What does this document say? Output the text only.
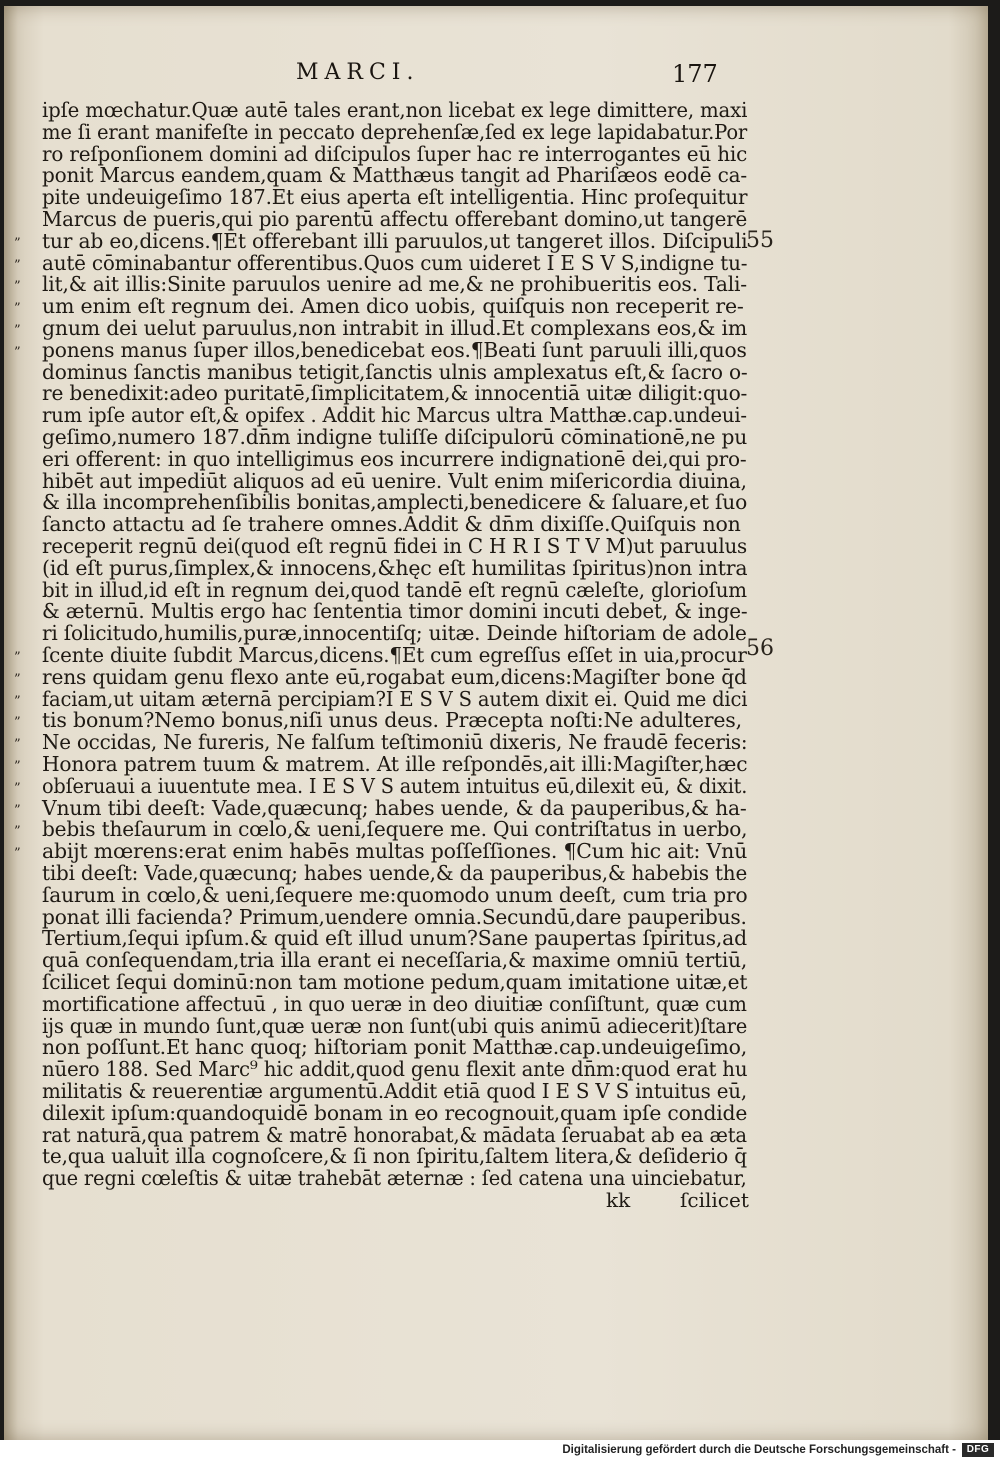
MARCI.	177
ipſe mœchatur.Quæ autē tales erant,non licebat ex lege dimittere, maxi
me ſi erant manifeſte in peccato deprehenſæ,ſed ex lege lapidabatur.Por
ro reſponſionem domini ad diſcipulos ſuper hac re interrogantes eū hic
ponit Marcus eandem,quam & Matthæus tangit ad Phariſæos eodē ca-
pite undeuigeſimo 187.Et eius aperta eſt intelligentia. Hinc proſequitur
Marcus de pueris,qui pio parentū affectu offerebant domino,ut tangerē
tur ab eo,dicens.¶Et offerebant illi paruulos,ut tangeret illos. Diſcipuli
autē cōminabantur offerentibus.Quos cum uideret I E S V S,indigne tu-
lit,& ait illis:Sinite paruulos uenire ad me,& ne prohibueritis eos. Tali-
um enim eſt regnum dei. Amen dico uobis, quiſquis non receperit re-
gnum dei uelut paruulus,non intrabit in illud.Et complexans eos,& im
ponens manus ſuper illos,benedicebat eos.¶Beati ſunt paruuli illi,quos
dominus ſanctis manibus tetigit,ſanctis ulnis amplexatus eſt,& ſacro o-
re benedixit:adeo puritatē,ſimplicitatem,& innocentiā uitæ diligit:quo-
rum ipſe autor eſt,& opifex . Addit hic Marcus ultra Matthæ.cap.undeui-
geſimo,numero 187.dn̄m indigne tuliſſe diſcipulorū cōminationē,ne pu
eri offerent: in quo intelligimus eos incurrere indignationē dei,qui pro-
hibēt aut impediūt aliquos ad eū uenire. Vult enim miſericordia diuina,
& illa incomprehenſibilis bonitas,amplecti,benedicere & ſaluare,et ſuo
ſancto attactu ad ſe trahere omnes.Addit & dn̄m dixiſſe.Quiſquis non
receperit regnū dei(quod eſt regnū fidei in C H R I S T V M)ut paruulus
(id eſt purus,ſimplex,& innocens,&hęc eſt humilitas ſpiritus)non intra
bit in illud,id eſt in regnum dei,quod tandē eſt regnū cæleſte, glorioſum
& æternū. Multis ergo hac ſententia timor domini incuti debet, & inge-
ri ſolicitudo,humilis,puræ,innocentiſq; uitæ. Deinde hiſtoriam de adole
ſcente diuite ſubdit Marcus,dicens.¶Et cum egreſſus eſſet in uia,procur
rens quidam genu flexo ante eū,rogabat eum,dicens:Magiſter bone q̄d
faciam,ut uitam æternā percipiam?I E S V S autem dixit ei. Quid me dici
tis bonum?Nemo bonus,niſi unus deus. Præcepta noſti:Ne adulteres,
Ne occidas, Ne fureris, Ne falſum teſtimoniū dixeris, Ne fraudē feceris:
Honora patrem tuum & matrem. At ille reſpondēs,ait illi:Magiſter,hæc
obſeruaui a iuuentute mea. I E S V S autem intuitus eū,dilexit eū, & dixit.
Vnum tibi deeſt: Vade,quæcunq; habes uende, & da pauperibus,& ha-
bebis theſaurum in cœlo,& ueni,ſequere me. Qui contriſtatus in uerbo,
abijt mœrens:erat enim habēs multas poſſeſſiones. ¶Cum hic ait: Vnū
tibi deeſt: Vade,quæcunq; habes uende,& da pauperibus,& habebis the
ſaurum in cœlo,& ueni,ſequere me:quomodo unum deeſt, cum tria pro
ponat illi facienda? Primum,uendere omnia.Secundū,dare pauperibus.
Tertium,ſequi ipſum.& quid eſt illud unum?Sane paupertas ſpiritus,ad
quā conſequendam,tria illa erant ei neceſſaria,& maxime omniū tertiū,
ſcilicet ſequi dominū:non tam motione pedum,quam imitatione uitæ,et
mortificatione affectuū , in quo ueræ in deo diuitiæ conſiſtunt, quæ cum
ijs quæ in mundo ſunt,quæ ueræ non ſunt(ubi quis animū adiecerit)ſtare
non poſſunt.Et hanc quoq; hiſtoriam ponit Matthæ.cap.undeuigeſimo,
nūero 188. Sed Marc⁹ hic addit,quod genu flexit ante dn̄m:quod erat hu
militatis & reuerentiæ argumentū.Addit etiā quod I E S V S intuitus eū,
dilexit ipſum:quandoquidē bonam in eo recognouit,quam ipſe condide
rat naturā,qua patrem & matrē honorabat,& mādata ſeruabat ab ea æta
te,qua ualuit illa cognoſcere,& ſi non ſpiritu,ſaltem litera,& deſiderio q̄
que regni cœleſtis & uitæ trahebāt æternæ : ſed catena una uinciebatur,
”
”
”
”
”
”
”
”
”
”
”
”
”
”
”
”
55
56
kk ſcilicet
Digitalisierung gefördert durch die Deutsche Forschungsgemeinschaft -	DFG
